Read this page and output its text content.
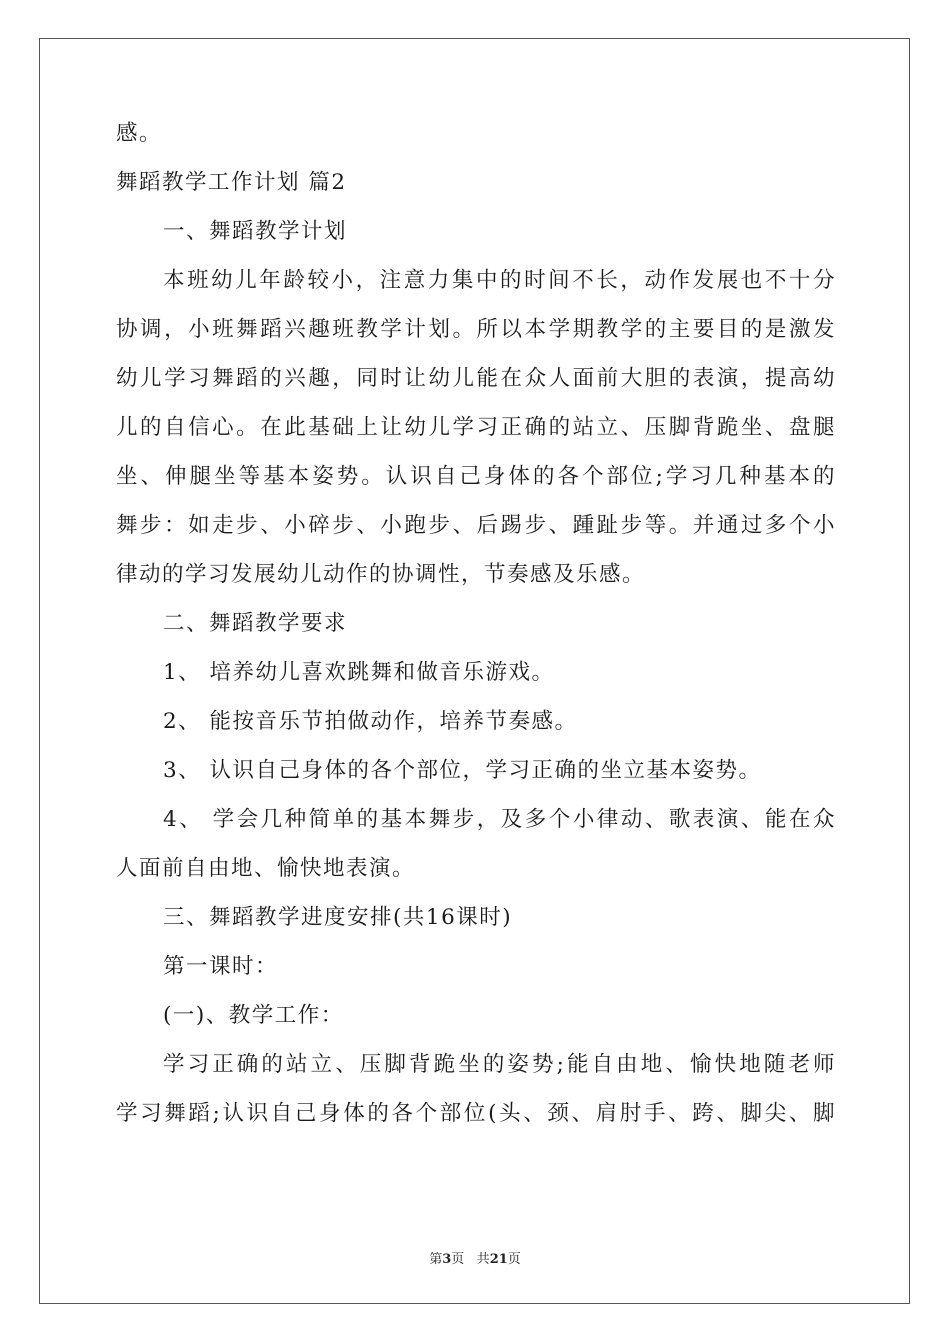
感。
舞蹈教学工作计划 篇2
一、舞蹈教学计划
本班幼儿年龄较小，注意力集中的时间不长，动作发展也不十分
协调，小班舞蹈兴趣班教学计划。所以本学期教学的主要目的是激发
幼儿学习舞蹈的兴趣，同时让幼儿能在众人面前大胆的表演，提高幼
儿的自信心。在此基础上让幼儿学习正确的站立、压脚背跪坐、盘腿
坐、伸腿坐等基本姿势。认识自己身体的各个部位;学习几种基本的
舞步：如走步、小碎步、小跑步、后踢步、踵趾步等。并通过多个小
律动的学习发展幼儿动作的协调性，节奏感及乐感。
二、舞蹈教学要求
1、 培养幼儿喜欢跳舞和做音乐游戏。
2、 能按音乐节拍做动作，培养节奏感。
3、 认识自己身体的各个部位，学习正确的坐立基本姿势。
4、 学会几种简单的基本舞步，及多个小律动、歌表演、能在众
人面前自由地、愉快地表演。
三、舞蹈教学进度安排(共16课时)
第一课时：
(一)、教学工作：
学习正确的站立、压脚背跪坐的姿势;能自由地、愉快地随老师
学习舞蹈;认识自己身体的各个部位(头、颈、肩肘手、跨、脚尖、脚
第3页 共21页
